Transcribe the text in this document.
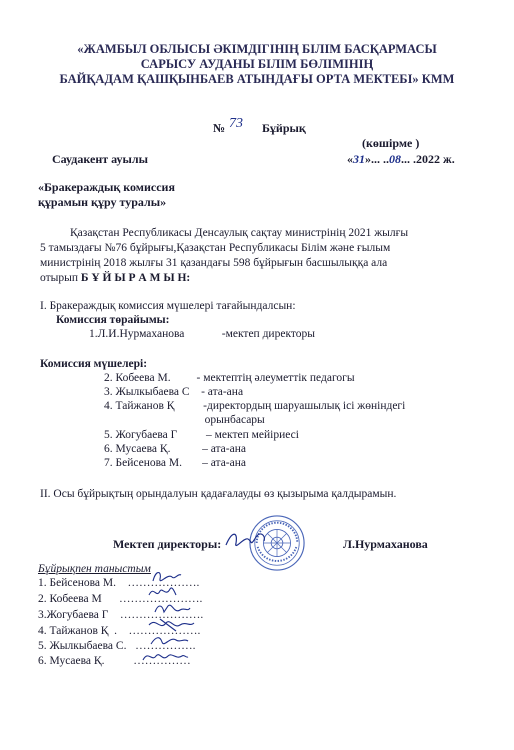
«ЖАМБЫЛ ОБЛЫСЫ ӘКІМДІГІНІҢ БІЛІМ БАСҚАРМАСЫ
САРЫСУ АУДАНЫ БІЛІМ БӨЛІМІНІҢ
БАЙҚАДАМ ҚАШҚЫНБАЕВ АТЫНДАҒЫ ОРТА МЕКТЕБІ» КММ
№ 73 Бұйрық
(көшірме )
Саудакент ауылы	«31»... ..08... .2022 ж.
«Бракераждық комиссия
құрамын құру туралы»
Қазақстан Республикасы Денсаулық сақтау министрінің 2021 жылғы
5 тамыздағы №76 бұйрығы,Қазақстан Республикасы Білім және ғылым
министрінің 2018 жылғы 31 қазандағы 598 бұйрығын басшылыққа ала
отырып Б Ұ Й Ы Р А М Ы Н:
I. Бракераждық комиссия мүшелері тағайындалсын:
Комиссия төрайымы:
1.Л.И.Нурмаханова             -мектеп директоры
Комиссия мүшелері:
2. Кобеева М.         - мектептің әлеуметтік педагогы
3. Жылкыбаева С    - ата-ана
4. Тайжанов Қ          -директордың шаруашылық ісі жөніндегі
орынбасары
5. Жогубаева Г          – мектеп мейіриесі
6. Мусаева Қ.           – ата-ана
7. Бейсенова М.       – ата-ана
II. Осы бұйрықтың орындалуын қадағалауды өз қызырыма қалдырамын.
Мектеп директоры:	Л.Нурмаханова
Бұйрықпен таныстым
1. Бейсенова М.    ……………….
2. Кобеева М      ………………….
3.Жогубаева Г    ………………….
4. Тайжанов Қ  .    ……………….
5. Жылкыбаева С.   …………….
6. Мусаева Қ.          ……………
